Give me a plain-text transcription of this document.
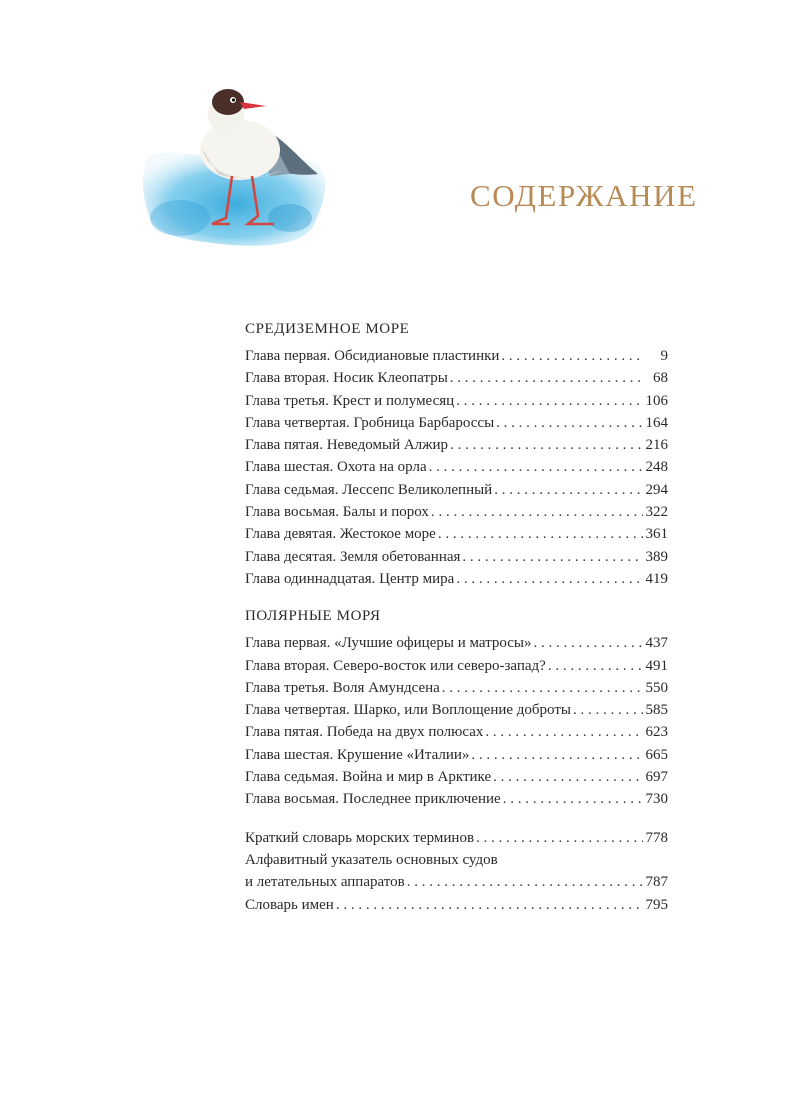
СОДЕРЖАНИЕ
СРЕДИЗЕМНОЕ МОРЕ
Глава первая. Обсидиановые пластинки . . .	9
Глава вторая. Носик Клеопатры . . .	68
Глава третья. Крест и полумесяц . . .	106
Глава четвертая. Гробница Барбароссы . . .	164
Глава пятая. Неведомый Алжир . . .	216
Глава шестая. Охота на орла . . .	248
Глава седьмая. Лессепс Великолепный . . .	294
Глава восьмая. Балы и порох . . .	322
Глава девятая. Жестокое море . . .	361
Глава десятая. Земля обетованная . . .	389
Глава одиннадцатая. Центр мира . . .	419
ПОЛЯРНЫЕ МОРЯ
Глава первая. «Лучшие офицеры и матросы» . . .	437
Глава вторая. Северо-восток или северо-запад? . . .	491
Глава третья. Воля Амундсена . . .	550
Глава четвертая. Шарко, или Воплощение доброты . . .	585
Глава пятая. Победа на двух полюсах . . .	623
Глава шестая. Крушение «Италии» . . .	665
Глава седьмая. Война и мир в Арктике . . .	697
Глава восьмая. Последнее приключение . . .	730
Краткий словарь морских терминов . . .	778
Алфавитный указатель основных судов
и летательных аппаратов . . .	787
Словарь имен . . .	795
